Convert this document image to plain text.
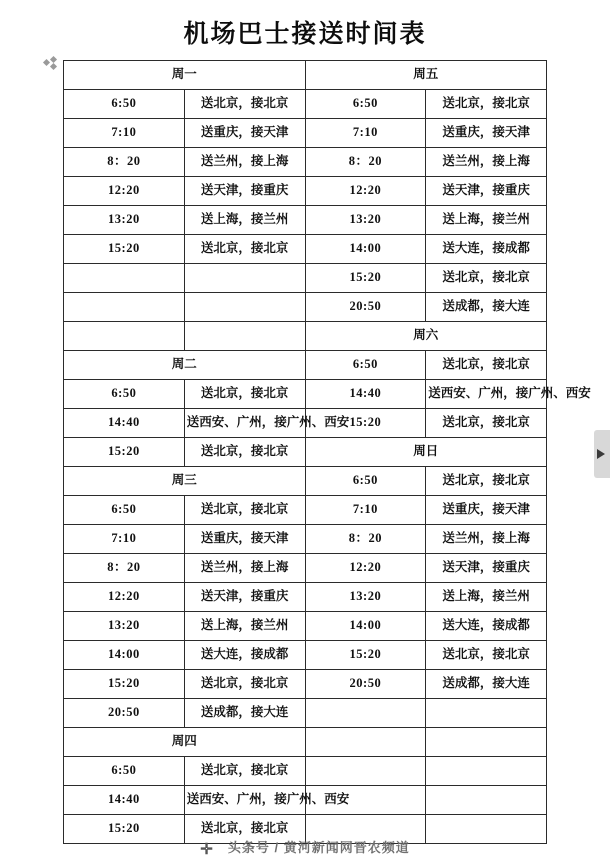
机场巴士接送时间表
周一		周五	
6:50	送北京，接北京	6:50	送北京，接北京
7:10	送重庆，接天津	7:10	送重庆，接天津
8：20	送兰州，接上海	8：20	送兰州，接上海
12:20	送天津，接重庆	12:20	送天津，接重庆
13:20	送上海，接兰州	13:20	送上海，接兰州
15:20	送北京，接北京	14:00	送大连，接成都
		15:20	送北京，接北京
		20:50	送成都，接大连
		周六	
周二		6:50	送北京，接北京
6:50	送北京，接北京	14:40	送西安、广州，接广州、西安
14:40	送西安、广州，接广州、西安	15:20	送北京，接北京
15:20	送北京，接北京	周日	
周三		6:50	送北京，接北京
6:50	送北京，接北京	7:10	送重庆，接天津
7:10	送重庆，接天津	8：20	送兰州，接上海
8：20	送兰州，接上海	12:20	送天津，接重庆
12:20	送天津，接重庆	13:20	送上海，接兰州
13:20	送上海，接兰州	14:00	送大连，接成都
14:00	送大连，接成都	15:20	送北京，接北京
15:20	送北京，接北京	20:50	送成都，接大连
20:50	送成都，接大连		
周四			
6:50	送北京，接北京		
14:40	送西安、广州，接广州、西安		
15:20	送北京，接北京		
✛ 头条号 / 黄河新闻网晋农频道
